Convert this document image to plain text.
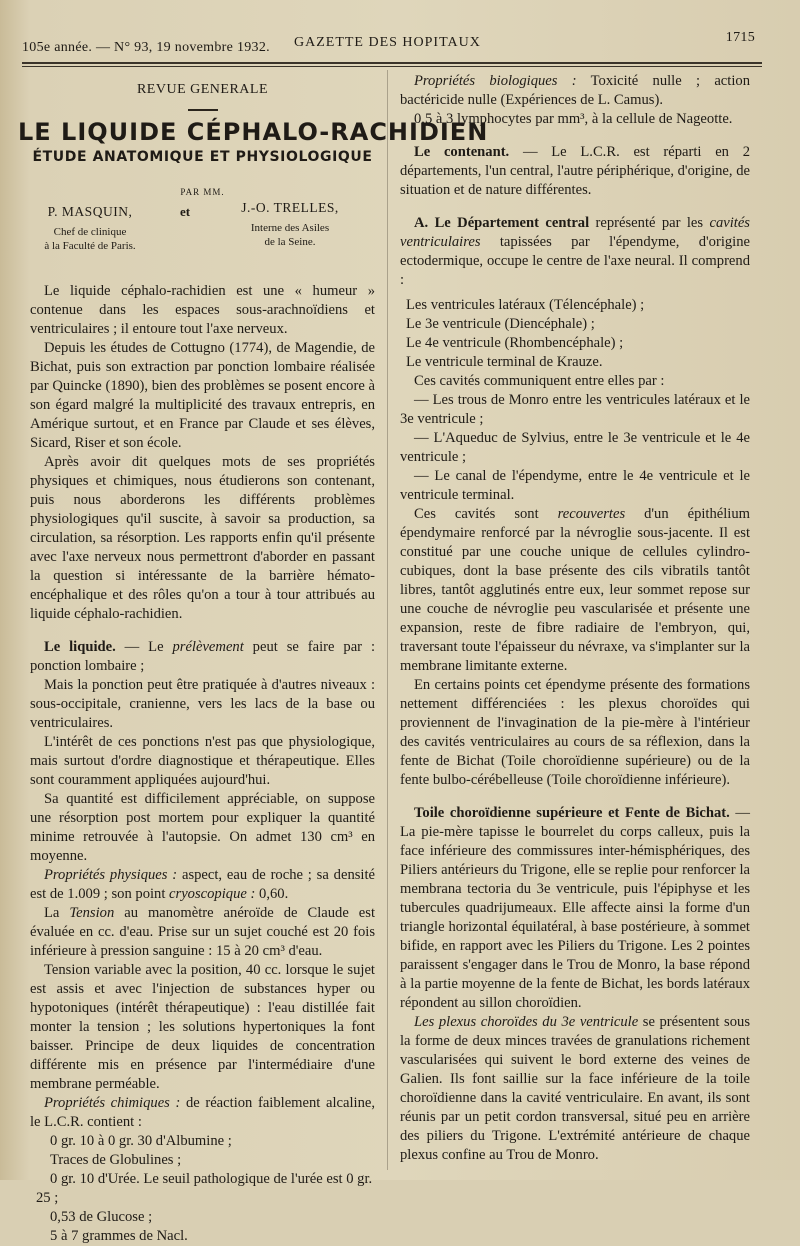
105e année. — N° 93, 19 novembre 1932. GAZETTE DES HOPITAUX	1715
REVUE GENERALE
LE LIQUIDE CÉPHALO-RACHIDIEN
ÉTUDE ANATOMIQUE ET PHYSIOLOGIQUE
PAR MM.
P. MASQUIN,
Chef de clinique
à la Faculté de Paris.
et	J.-O. TRELLES,
Interne des Asiles
de la Seine.

Le liquide céphalo-rachidien est une « humeur » contenue dans les espaces sous-arachnoïdiens et ventriculaires ; il entoure tout l'axe nerveux.

Depuis les études de Cottugno (1774), de Magendie, de Bichat, puis son extraction par ponction lombaire réalisée par Quincke (1890), bien des problèmes se posent encore à son égard malgré la multiplicité des travaux entrepris, en Amérique surtout, et en France par Claude et ses élèves, Sicard, Riser et son école.

Après avoir dit quelques mots de ses propriétés physiques et chimiques, nous étudierons son contenant, puis nous aborderons les différents problèmes physiologiques qu'il suscite, à savoir sa production, sa circulation, sa résorption. Les rapports enfin qu'il présente avec l'axe nerveux nous permettront d'aborder en passant la question si intéressante de la barrière hémato-encéphalique et des rôles qu'on a tour à tour attribués au liquide céphalo-rachidien.

Le liquide. — Le prélèvement peut se faire par : ponction lombaire ;

Mais la ponction peut être pratiquée à d'autres niveaux : sous-occipitale, cranienne, vers les lacs de la base ou ventriculaires.

L'intérêt de ces ponctions n'est pas que physiologique, mais surtout d'ordre diagnostique et thérapeutique. Elles sont couramment appliquées aujourd'hui.

Sa quantité est difficilement appréciable, on suppose une résorption post mortem pour expliquer la quantité minime retrouvée à l'autopsie. On admet 130 cm³ en moyenne.

Propriétés physiques : aspect, eau de roche ; sa densité est de 1.009 ; son point cryoscopique : 0,60.

La Tension au manomètre anéroïde de Claude est évaluée en cc. d'eau. Prise sur un sujet couché est 20 fois inférieure à pression sanguine : 15 à 20 cm³ d'eau.

Tension variable avec la position, 40 cc. lorsque le sujet est assis et avec l'injection de substances hyper ou hypotoniques (intérêt thérapeutique) : l'eau distillée fait monter la tension ; les solutions hypertoniques la font baisser. Principe de deux liquides de concentration différente mis en présence par l'intermédiaire d'une membrane perméable.

Propriétés chimiques : de réaction faiblement alcaline, le L.C.R. contient :

0 gr. 10 à 0 gr. 30 d'Albumine ;

Traces de Globulines ;

0 gr. 10 d'Urée. Le seuil pathologique de l'urée est 0 gr. 25 ;

0,53 de Glucose ;

5 à 7 grammes de Nacl.

Propriétés biologiques : Toxicité nulle ; action bactéricide nulle (Expériences de L. Camus).

0,5 à 3 lymphocytes par mm³, à la cellule de Nageotte.

Le contenant. — Le L.C.R. est réparti en 2 départements, l'un central, l'autre périphérique, d'origine, de situation et de nature différentes.

A. Le Département central représenté par les cavités ventriculaires tapissées par l'épendyme, d'origine ectodermique, occupe le centre de l'axe neural. Il comprend :

Les ventricules latéraux (Télencéphale) ;

Le 3e ventricule (Diencéphale) ;

Le 4e ventricule (Rhombencéphale) ;

Le ventricule terminal de Krauze.

Ces cavités communiquent entre elles par :

— Les trous de Monro entre les ventricules latéraux et le 3e ventricule ;

— L'Aqueduc de Sylvius, entre le 3e ventricule et le 4e ventricule ;

— Le canal de l'épendyme, entre le 4e ventricule et le ventricule terminal.

Ces cavités sont recouvertes d'un épithélium épendymaire renforcé par la névroglie sous-jacente. Il est constitué par une couche unique de cellules cylindro-cubiques, dont la base présente des cils vibratils tantôt libres, tantôt agglutinés entre eux, leur sommet repose sur une couche de névroglie peu vascularisée et présente une expansion, reste de fibre radiaire de l'embryon, qui, traversant toute l'épaisseur du névraxe, va s'implanter sur la membrane limitante externe.

En certains points cet épendyme présente des formations nettement différenciées : les plexus choroïdes qui proviennent de l'invagination de la pie-mère à l'intérieur des cavités ventriculaires au cours de sa réflexion, dans la fente de Bichat (Toile choroïdienne supérieure) ou de la fente bulbo-cérébelleuse (Toile choroïdienne inférieure).

Toile choroïdienne supérieure et Fente de Bichat. — La pie-mère tapisse le bourrelet du corps calleux, puis la face inférieure des commissures inter-hémisphériques, des Piliers antérieurs du Trigone, elle se replie pour renforcer la membrana tectoria du 3e ventricule, puis l'épiphyse et les tubercules quadrijumeaux. Elle affecte ainsi la forme d'un triangle horizontal équilatéral, à base postérieure, à sommet bifide, en rapport avec les Piliers du Trigone. Les 2 pointes paraissent s'engager dans le Trou de Monro, la base répond à la partie moyenne de la fente de Bichat, les bords latéraux répondent au sillon choroïdien.

Les plexus choroïdes du 3e ventricule se présentent sous la forme de deux minces travées de granulations richement vascularisées qui suivent le bord externe des veines de Galien. Ils font saillie sur la face inférieure de la toile choroïdienne dans la cavité ventriculaire. En avant, ils sont réunis par un petit cordon transversal, situé peu en arrière des piliers du Trigone. L'extrémité antérieure de chaque plexus confine au Trou de Monro.
